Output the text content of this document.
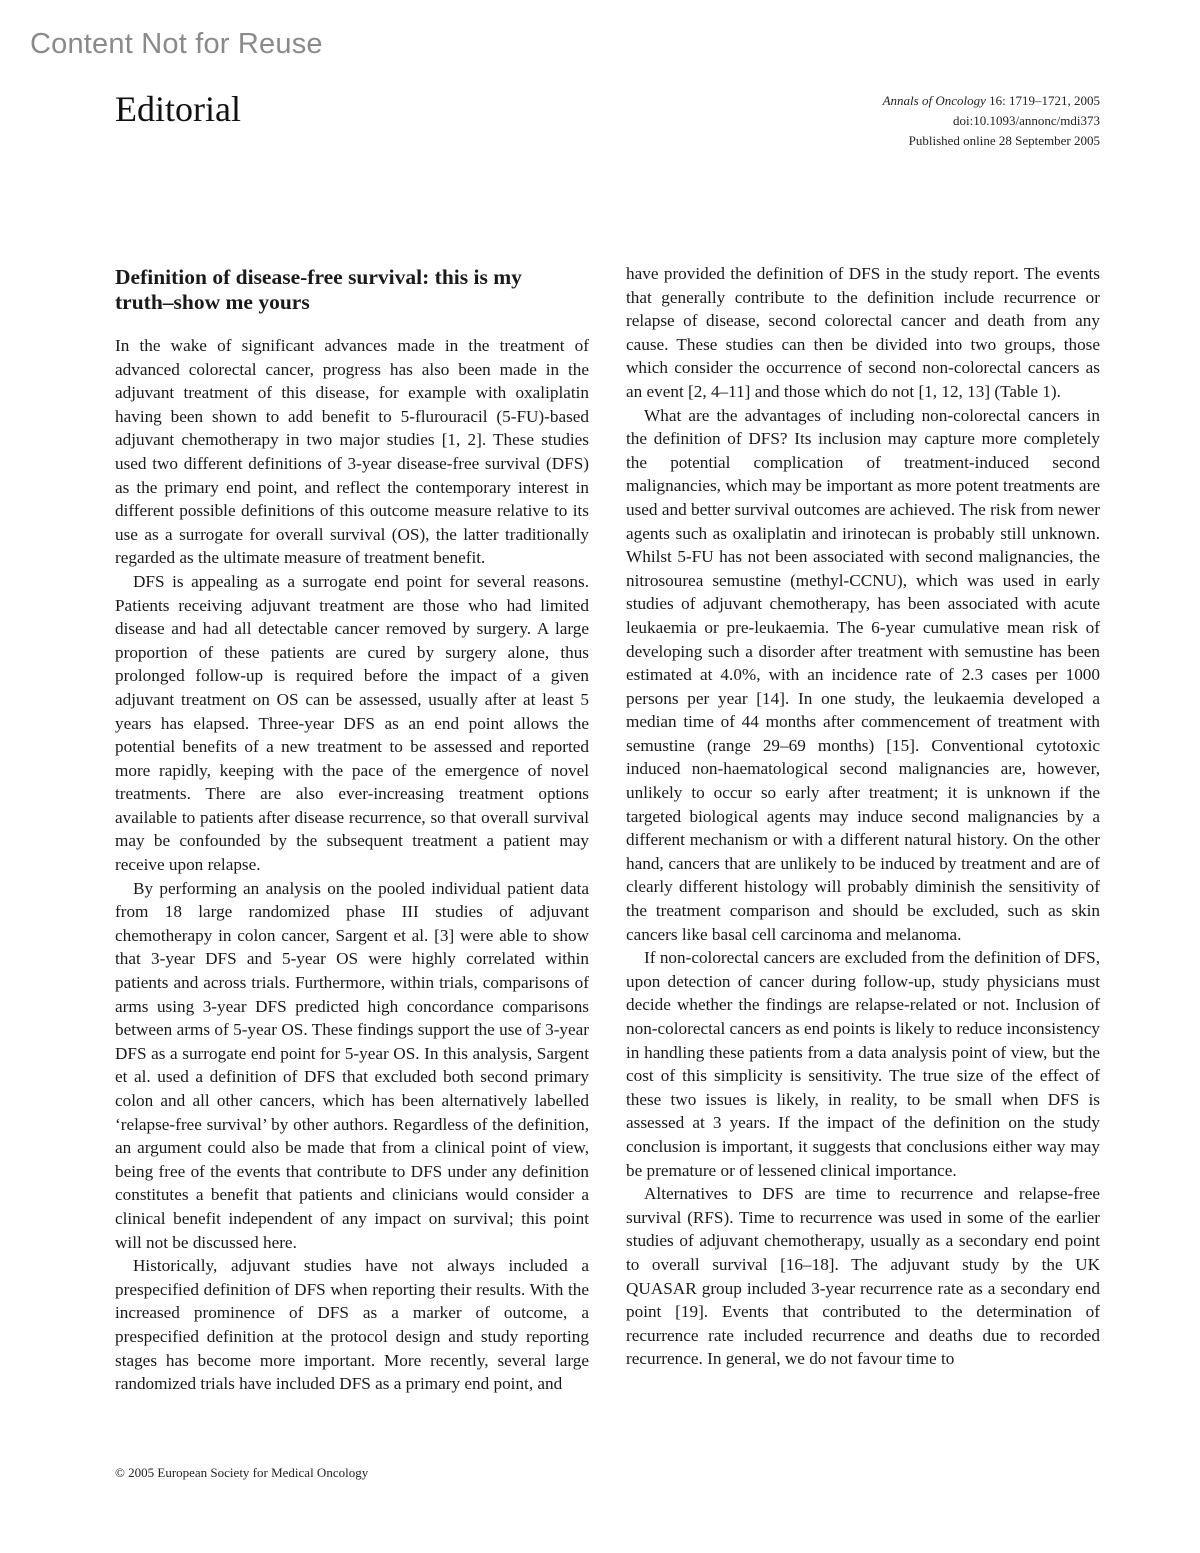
Content Not for Reuse
Editorial	Annals of Oncology 16: 1719–1721, 2005
doi:10.1093/annonc/mdi373
Published online 28 September 2005
Definition of disease-free survival: this is my truth–show me yours

In the wake of significant advances made in the treatment of advanced colorectal cancer, progress has also been made in the adjuvant treatment of this disease, for example with oxaliplatin having been shown to add benefit to 5-flurouracil (5-FU)-based adjuvant chemotherapy in two major studies [1, 2]. These studies used two different definitions of 3-year disease-free survival (DFS) as the primary end point, and reflect the contemporary interest in different possible definitions of this outcome measure relative to its use as a surrogate for overall survival (OS), the latter traditionally regarded as the ultimate measure of treatment benefit.

DFS is appealing as a surrogate end point for several reasons. Patients receiving adjuvant treatment are those who had limited disease and had all detectable cancer removed by surgery. A large proportion of these patients are cured by surgery alone, thus prolonged follow-up is required before the impact of a given adjuvant treatment on OS can be assessed, usually after at least 5 years has elapsed. Three-year DFS as an end point allows the potential benefits of a new treatment to be assessed and reported more rapidly, keeping with the pace of the emergence of novel treatments. There are also ever-increasing treatment options available to patients after disease recurrence, so that overall survival may be confounded by the subsequent treatment a patient may receive upon relapse.

By performing an analysis on the pooled individual patient data from 18 large randomized phase III studies of adjuvant chemotherapy in colon cancer, Sargent et al. [3] were able to show that 3-year DFS and 5-year OS were highly correlated within patients and across trials. Furthermore, within trials, comparisons of arms using 3-year DFS predicted high concordance comparisons between arms of 5-year OS. These findings support the use of 3-year DFS as a surrogate end point for 5-year OS. In this analysis, Sargent et al. used a definition of DFS that excluded both second primary colon and all other cancers, which has been alternatively labelled ‘relapse-free survival’ by other authors. Regardless of the definition, an argument could also be made that from a clinical point of view, being free of the events that contribute to DFS under any definition constitutes a benefit that patients and clinicians would consider a clinical benefit independent of any impact on survival; this point will not be discussed here.

Historically, adjuvant studies have not always included a prespecified definition of DFS when reporting their results. With the increased prominence of DFS as a marker of outcome, a prespecified definition at the protocol design and study reporting stages has become more important. More recently, several large randomized trials have included DFS as a primary end point, and

have provided the definition of DFS in the study report. The events that generally contribute to the definition include recurrence or relapse of disease, second colorectal cancer and death from any cause. These studies can then be divided into two groups, those which consider the occurrence of second non-colorectal cancers as an event [2, 4–11] and those which do not [1, 12, 13] (Table 1).

What are the advantages of including non-colorectal cancers in the definition of DFS? Its inclusion may capture more completely the potential complication of treatment-induced second malignancies, which may be important as more potent treatments are used and better survival outcomes are achieved. The risk from newer agents such as oxaliplatin and irinotecan is probably still unknown. Whilst 5-FU has not been associated with second malignancies, the nitrosourea semustine (methyl-CCNU), which was used in early studies of adjuvant chemotherapy, has been associated with acute leukaemia or pre-leukaemia. The 6-year cumulative mean risk of developing such a disorder after treatment with semustine has been estimated at 4.0%, with an incidence rate of 2.3 cases per 1000 persons per year [14]. In one study, the leukaemia developed a median time of 44 months after commencement of treatment with semustine (range 29–69 months) [15]. Conventional cytotoxic induced non-haematological second malignancies are, however, unlikely to occur so early after treatment; it is unknown if the targeted biological agents may induce second malignancies by a different mechanism or with a different natural history. On the other hand, cancers that are unlikely to be induced by treatment and are of clearly different histology will probably diminish the sensitivity of the treatment comparison and should be excluded, such as skin cancers like basal cell carcinoma and melanoma.

If non-colorectal cancers are excluded from the definition of DFS, upon detection of cancer during follow-up, study physicians must decide whether the findings are relapse-related or not. Inclusion of non-colorectal cancers as end points is likely to reduce inconsistency in handling these patients from a data analysis point of view, but the cost of this simplicity is sensitivity. The true size of the effect of these two issues is likely, in reality, to be small when DFS is assessed at 3 years. If the impact of the definition on the study conclusion is important, it suggests that conclusions either way may be premature or of lessened clinical importance.

Alternatives to DFS are time to recurrence and relapse-free survival (RFS). Time to recurrence was used in some of the earlier studies of adjuvant chemotherapy, usually as a secondary end point to overall survival [16–18]. The adjuvant study by the UK QUASAR group included 3-year recurrence rate as a secondary end point [19]. Events that contributed to the determination of recurrence rate included recurrence and deaths due to recorded recurrence. In general, we do not favour time to

© 2005 European Society for Medical Oncology
